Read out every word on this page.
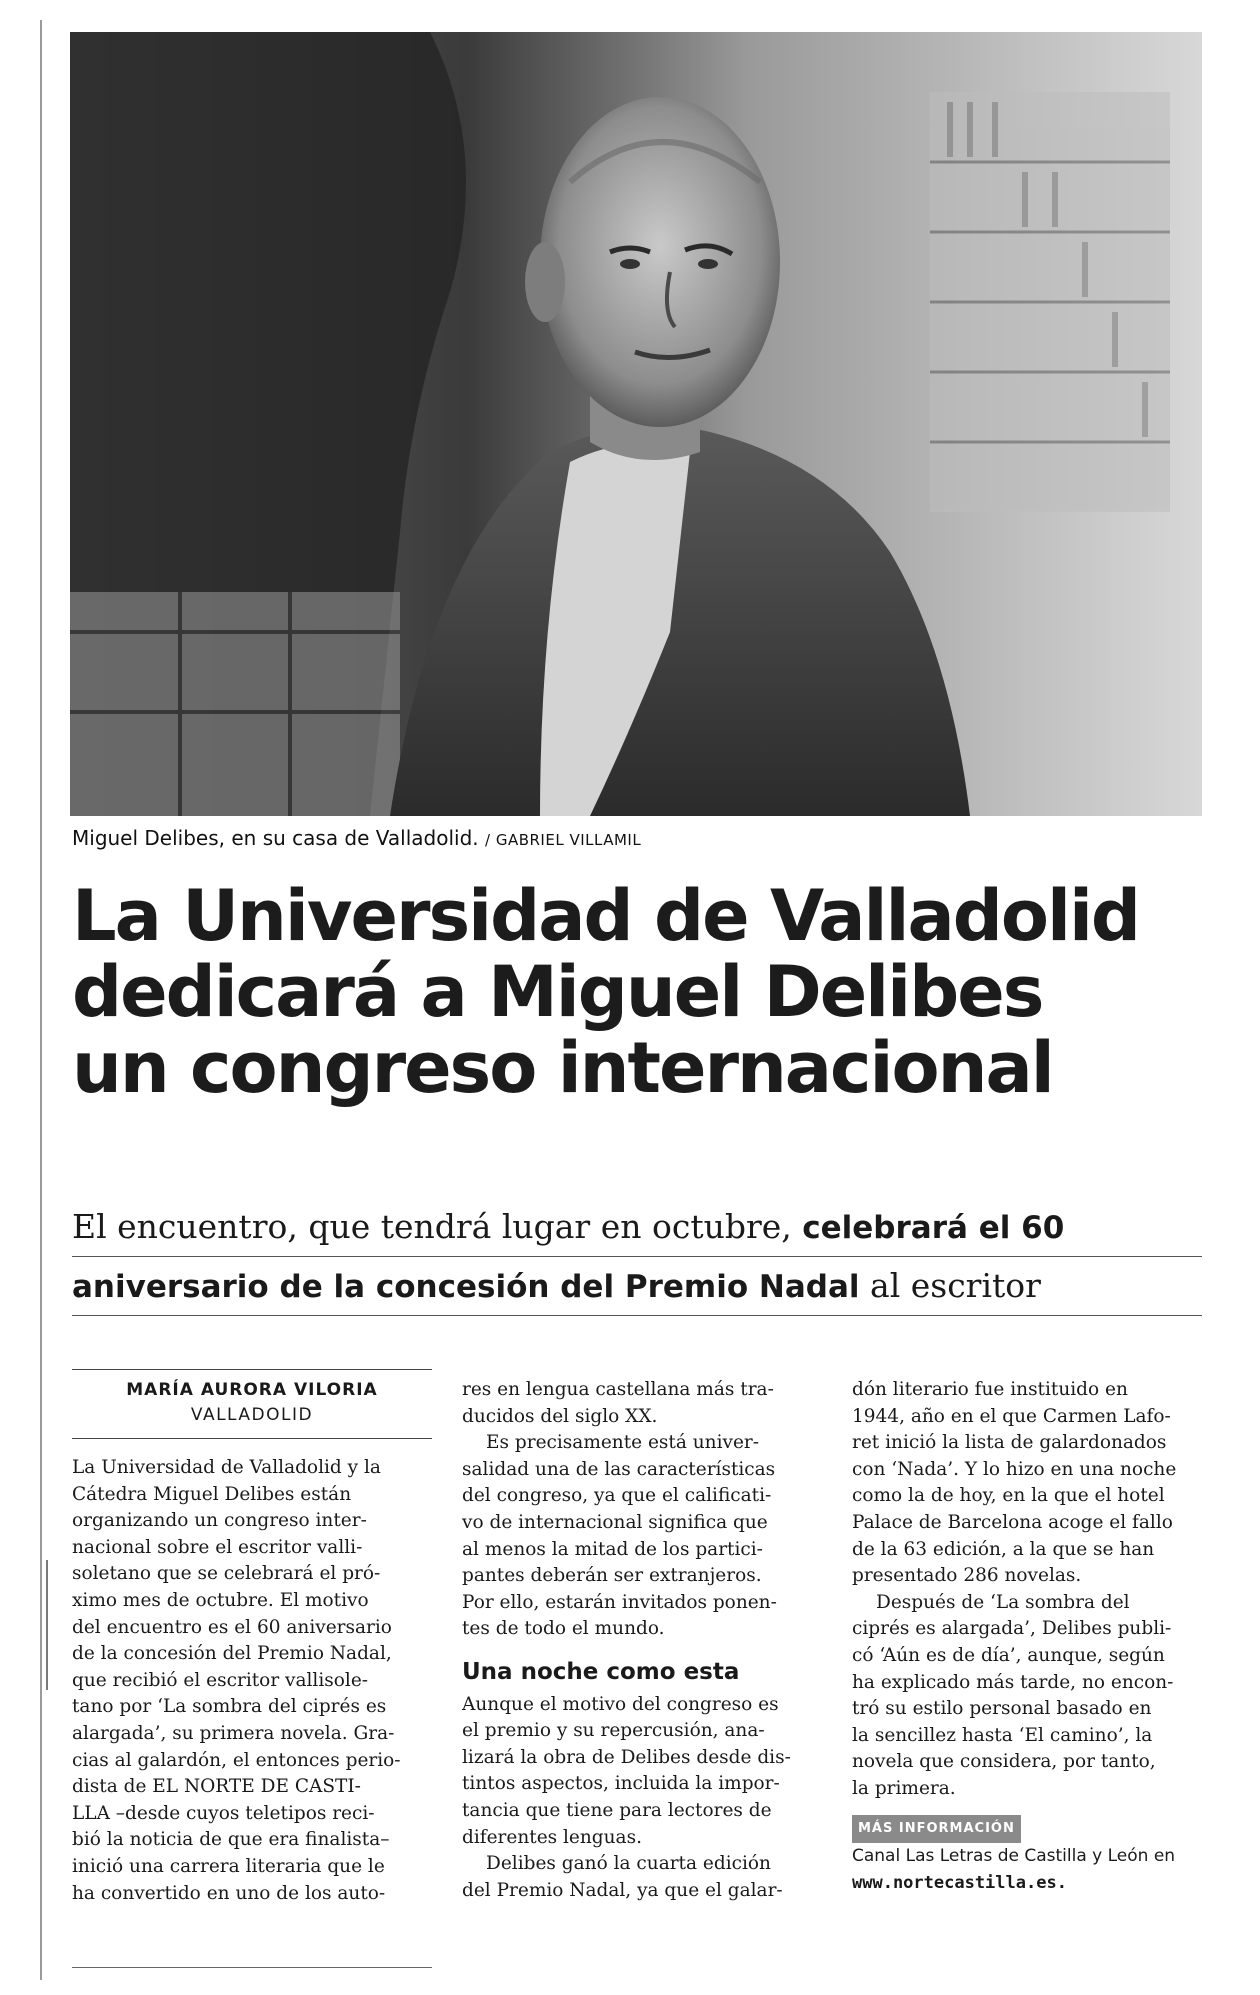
Miguel Delibes, en su casa de Valladolid. / GABRIEL VILLAMIL
La Universidad de Valladolid
dedicará a Miguel Delibes
un congreso internacional
El encuentro, que tendrá lugar en octubre, celebrará el 60
aniversario de la concesión del Premio Nadal al escritor
MARÍA AURORA VILORIA
VALLADOLID
La Universidad de Valladolid y la
Cátedra Miguel Delibes están
organizando un congreso inter-
nacional sobre el escritor valli-
soletano que se celebrará el pró-
ximo mes de octubre. El motivo
del encuentro es el 60 aniversario
de la concesión del Premio Nadal,
que recibió el escritor vallisole-
tano por ‘La sombra del ciprés es
alargada’, su primera novela. Gra-
cias al galardón, el entonces perio-
dista de EL NORTE DE CASTI-
LLA –desde cuyos teletipos reci-
bió la noticia de que era finalista–
inició una carrera literaria que le
ha convertido en uno de los auto-
res en lengua castellana más tra-
ducidos del siglo XX.
Es precisamente está univer-
salidad una de las características
del congreso, ya que el calificati-
vo de internacional significa que
al menos la mitad de los partici-
pantes deberán ser extranjeros.
Por ello, estarán invitados ponen-
tes de todo el mundo.
Una noche como esta
Aunque el motivo del congreso es
el premio y su repercusión, ana-
lizará la obra de Delibes desde dis-
tintos aspectos, incluida la impor-
tancia que tiene para lectores de
diferentes lenguas.
Delibes ganó la cuarta edición
del Premio Nadal, ya que el galar-
dón literario fue instituido en
1944, año en el que Carmen Lafo-
ret inició la lista de galardonados
con ‘Nada’. Y lo hizo en una noche
como la de hoy, en la que el hotel
Palace de Barcelona acoge el fallo
de la 63 edición, a la que se han
presentado 286 novelas.
Después de ‘La sombra del
ciprés es alargada’, Delibes publi-
có ‘Aún es de día’, aunque, según
ha explicado más tarde, no encon-
tró su estilo personal basado en
la sencillez hasta ‘El camino’, la
novela que considera, por tanto,
la primera.
MÁS INFORMACIÓN
Canal Las Letras de Castilla y León en
www.nortecastilla.es.
